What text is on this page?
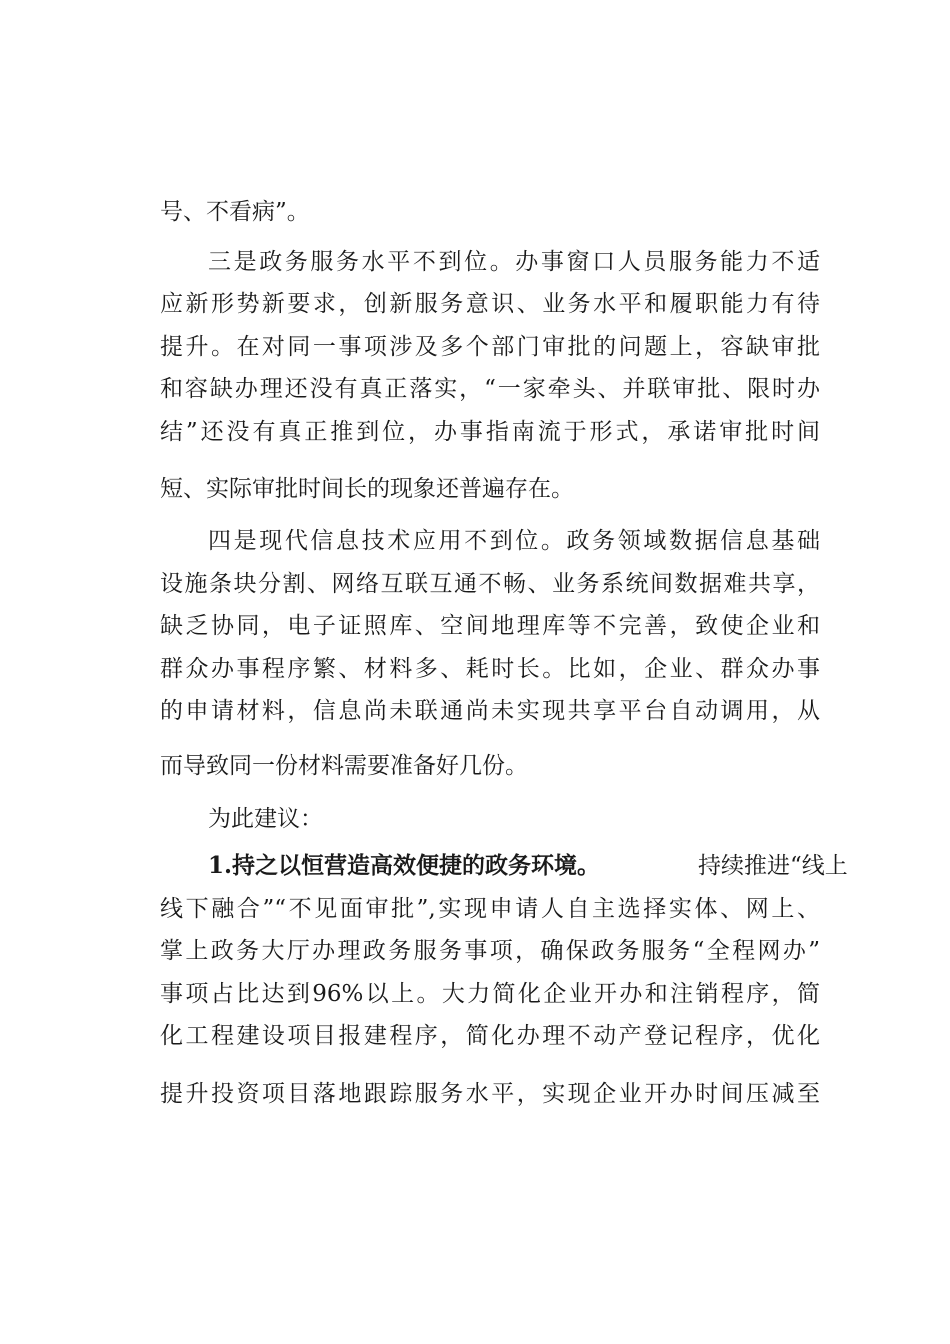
号、不看病”。
三是政务服务水平不到位。办事窗口人员服务能力不适
应新形势新要求，创新服务意识、业务水平和履职能力有待
提升。在对同一事项涉及多个部门审批的问题上，容缺审批
和容缺办理还没有真正落实，“一家牵头、并联审批、限时办
结”还没有真正推到位，办事指南流于形式，承诺审批时间
短、实际审批时间长的现象还普遍存在。
四是现代信息技术应用不到位。政务领域数据信息基础
设施条块分割、网络互联互通不畅、业务系统间数据难共享，
缺乏协同，电子证照库、空间地理库等不完善，致使企业和
群众办事程序繁、材料多、耗时长。比如，企业、群众办事
的申请材料，信息尚未联通尚未实现共享平台自动调用，从
而导致同一份材料需要准备好几份。
为此建议：
1.持之以恒营造高效便捷的政务环境。	持续推进“线上
线下融合”“不见面审批”,实现申请人自主选择实体、网上、
掌上政务大厅办理政务服务事项，确保政务服务“全程网办”
事项占比达到96%以上。大力简化企业开办和注销程序，简
化工程建设项目报建程序，简化办理不动产登记程序，优化
提升投资项目落地跟踪服务水平，实现企业开办时间压减至
